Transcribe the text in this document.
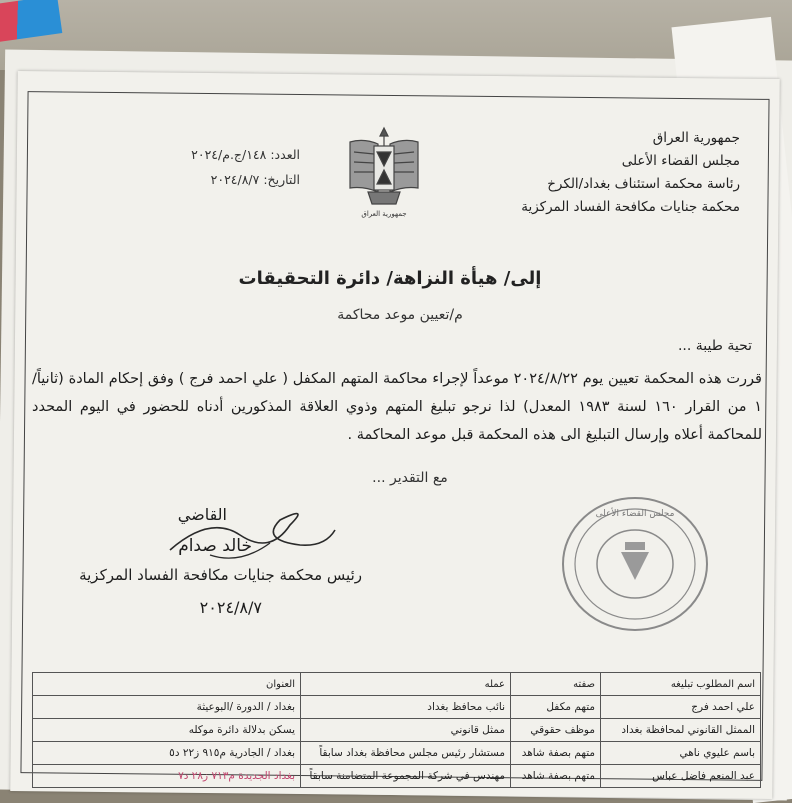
جمهورية العراق
مجلس القضاء الأعلى
رئاسة محكمة استئناف بغداد/الكرخ
محكمة جنايات مكافحة الفساد المركزية
العدد: ١٤٨/ج.م/٢٠٢٤
التاريخ: ٢٠٢٤/٨/٧
جمهورية العراق
إلى/ هيأة النزاهة/ دائرة التحقيقات
م/تعيين موعد محاكمة
تحية طيبة ...
قررت هذه المحكمة تعيين يوم ٢٠٢٤/٨/٢٢ موعداً لإجراء محاكمة المتهم المكفل ( علي احمد فرج ) وفق إحكام المادة (ثانياً/١ من القرار ١٦٠ لسنة ١٩٨٣ المعدل) لذا نرجو تبليغ المتهم وذوي العلاقة المذكورين أدناه للحضور في اليوم المحدد للمحاكمة أعلاه وإرسال التبليغ الى هذه المحكمة قبل موعد المحاكمة .
مع التقدير ...
القاضي
خالد صدام
رئيس محكمة جنايات مكافحة الفساد المركزية
٢٠٢٤/٨/٧
مجلس القضاء الأعلى
اسم المطلوب تبليغه	صفته	عمله	العنوان
علي احمد فرج	متهم مكفل	نائب محافظ بغداد	بغداد / الدورة /البوعيثة
الممثل القانوني لمحافظة بغداد	موظف حقوقي	ممثل قانوني	يسكن بدلالة دائرة موكله
باسم عليوي ناهي	متهم بصفة شاهد	مستشار رئيس مجلس محافظة بغداد سابقاً	بغداد / الجادرية م٩١٥ ز٢٢ د٥
عبد المنعم فاضل عباس	متهم بصفة شاهد	مهندس في شركة المجموعة المتضامنة سابقاً	بغداد الجديدة م٧١٣ ز٢٨ د٧
